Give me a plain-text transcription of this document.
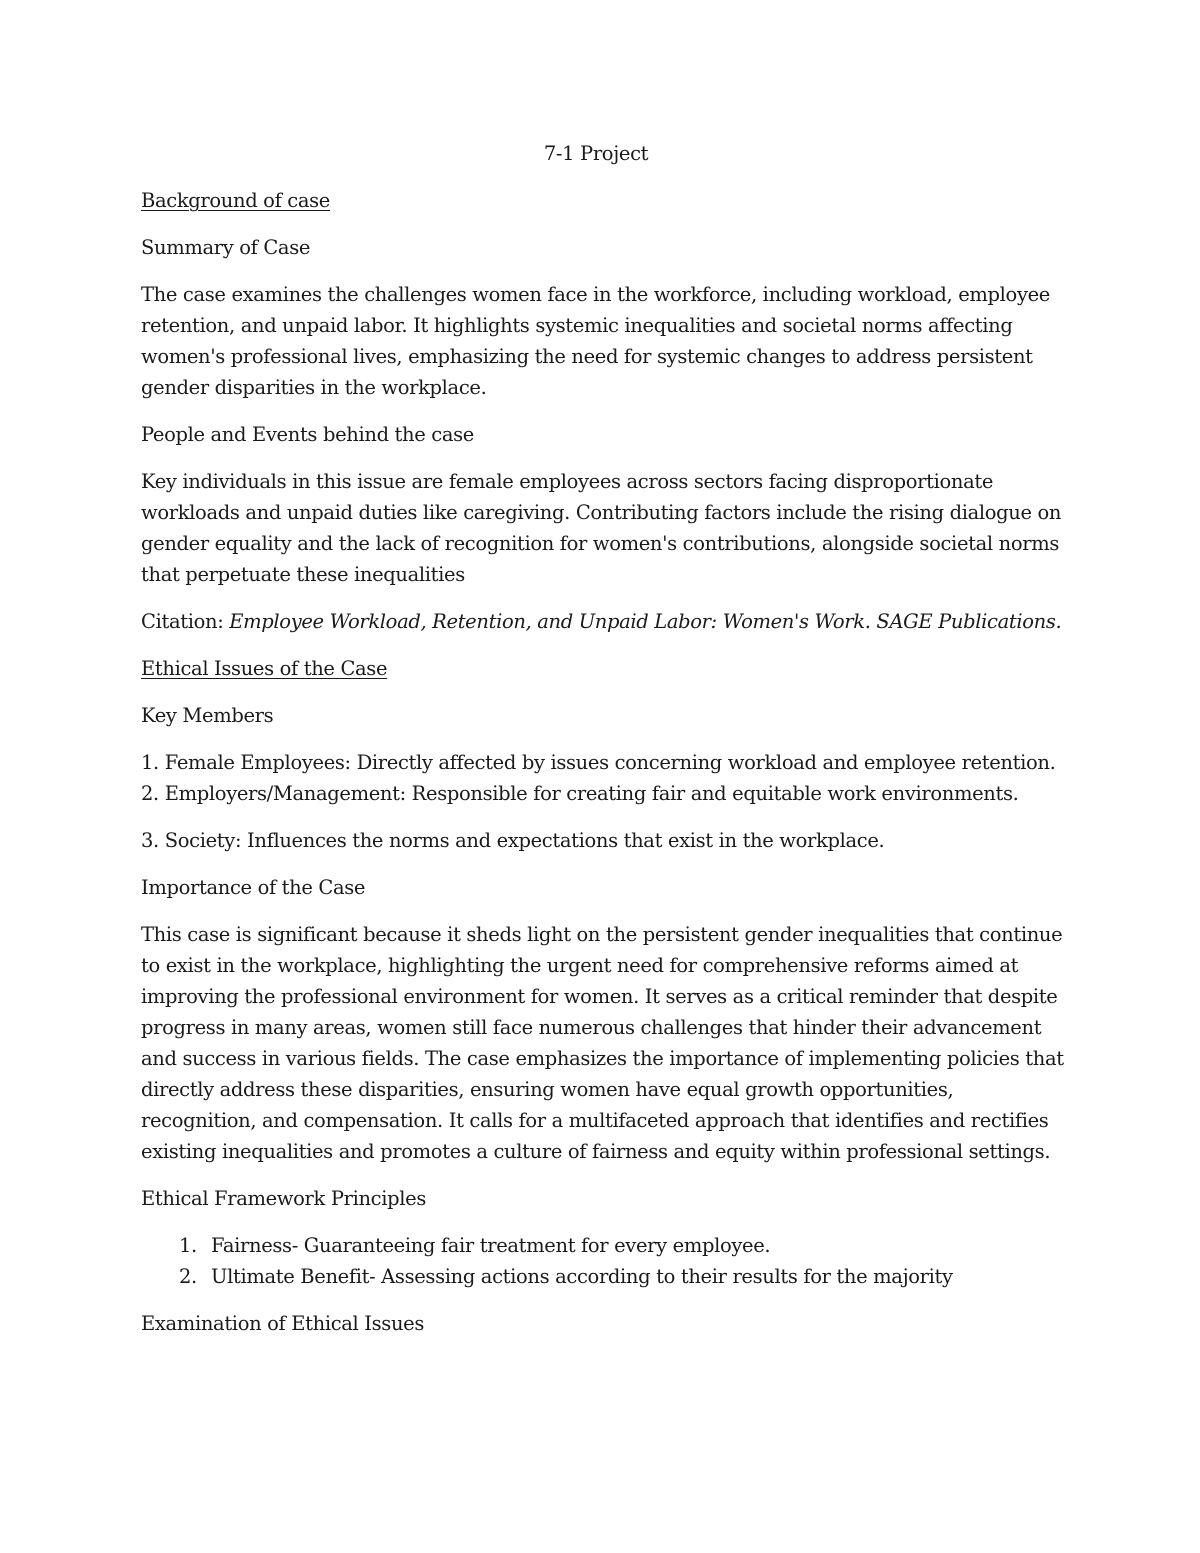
7-1 Project

Background of case

Summary of Case

The case examines the challenges women face in the workforce, including workload, employee retention, and unpaid labor. It highlights systemic inequalities and societal norms affecting women's professional lives, emphasizing the need for systemic changes to address persistent gender disparities in the workplace.

People and Events behind the case

Key individuals in this issue are female employees across sectors facing disproportionate workloads and unpaid duties like caregiving. Contributing factors include the rising dialogue on gender equality and the lack of recognition for women's contributions, alongside societal norms that perpetuate these inequalities

Citation: Employee Workload, Retention, and Unpaid Labor: Women's Work. SAGE Publications.

Ethical Issues of the Case

Key Members

1. Female Employees: Directly affected by issues concerning workload and employee retention.

2. Employers/Management: Responsible for creating fair and equitable work environments.

3. Society: Influences the norms and expectations that exist in the workplace.

Importance of the Case

This case is significant because it sheds light on the persistent gender inequalities that continue to exist in the workplace, highlighting the urgent need for comprehensive reforms aimed at improving the professional environment for women. It serves as a critical reminder that despite progress in many areas, women still face numerous challenges that hinder their advancement and success in various fields. The case emphasizes the importance of implementing policies that directly address these disparities, ensuring women have equal growth opportunities, recognition, and compensation. It calls for a multifaceted approach that identifies and rectifies existing inequalities and promotes a culture of fairness and equity within professional settings.

Ethical Framework Principles

1. Fairness- Guaranteeing fair treatment for every employee.

2. Ultimate Benefit- Assessing actions according to their results for the majority

Examination of Ethical Issues
